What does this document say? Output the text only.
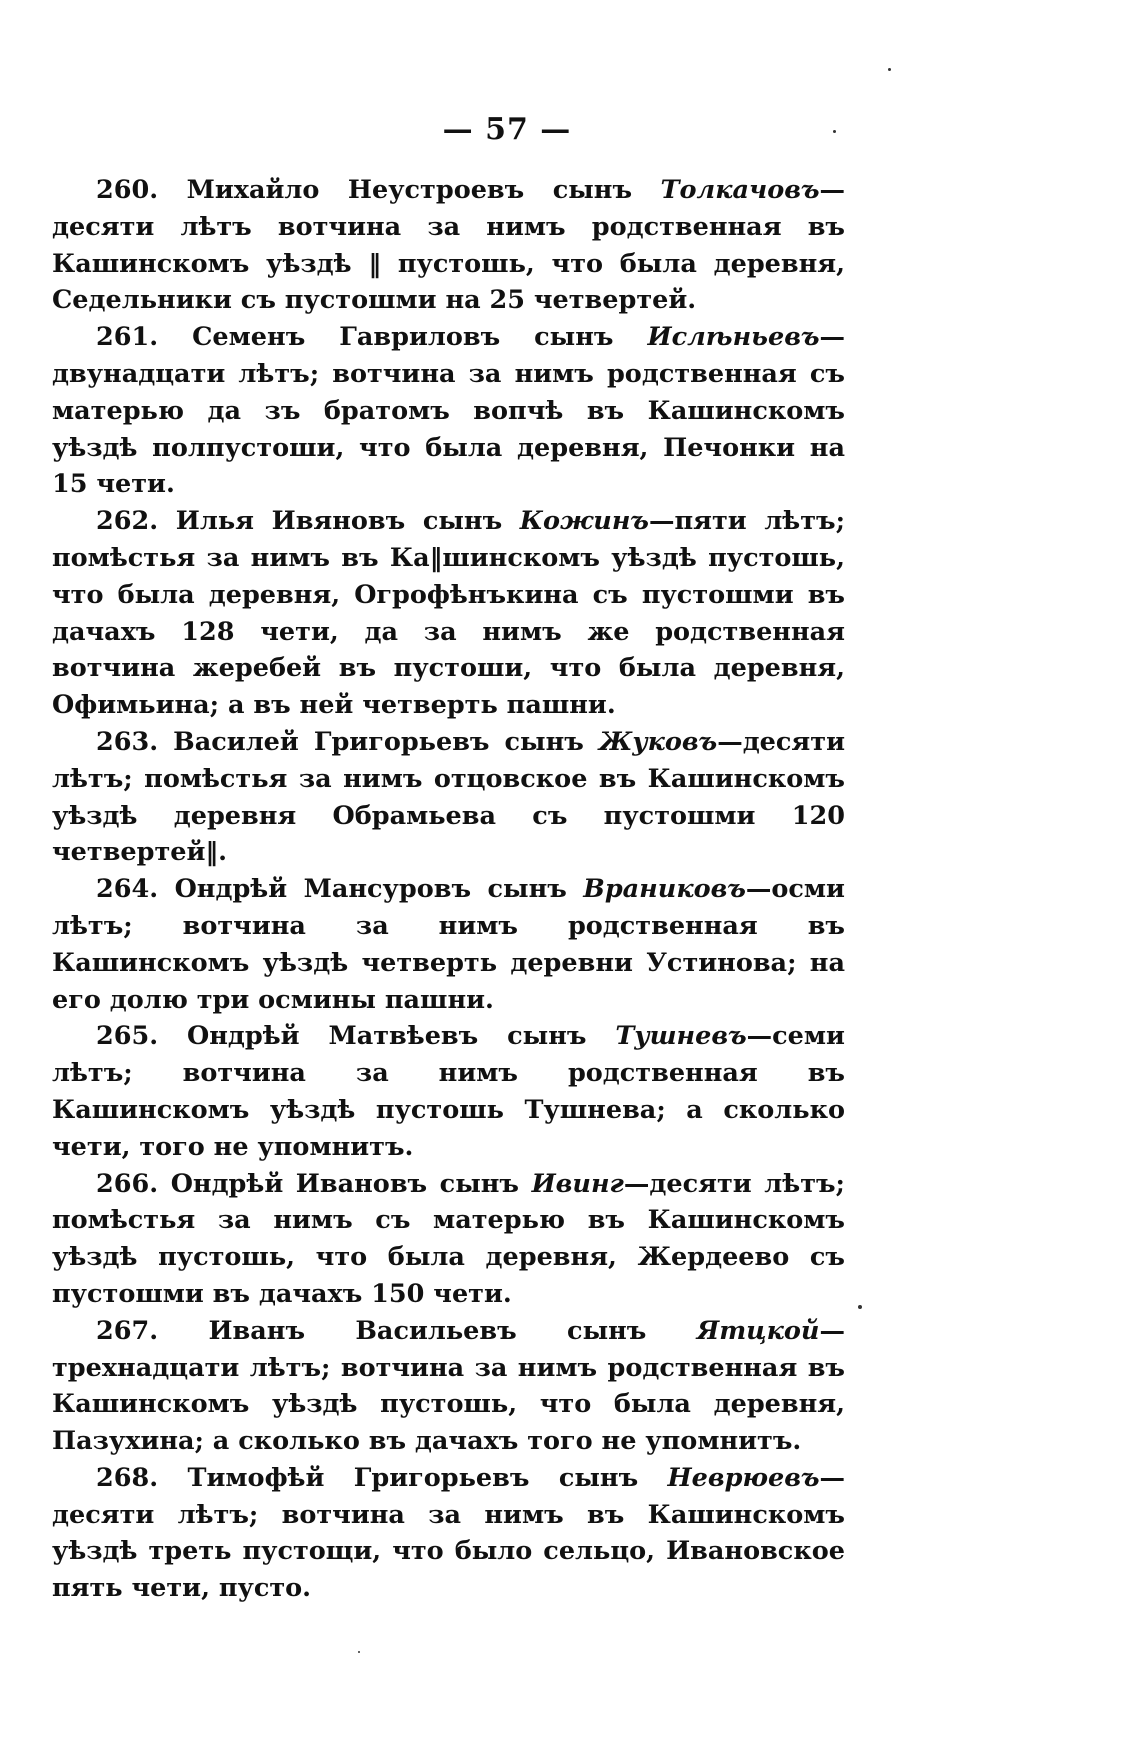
— 57 —

260. Михайло Неустроевъ сынъ Толкачовъ—десяти лѣтъ вотчина за нимъ родственная въ Кашинскомъ уѣздѣ ‖ пустошь, что была деревня, Седельники съ пустошми на 25 четвертей.

261. Семенъ Гавриловъ сынъ Ислѣньевъ—двунадцати лѣтъ; вотчина за нимъ родственная съ матерью да зъ братомъ вопчѣ въ Кашинскомъ уѣздѣ полпустоши, что была деревня, Печонки на 15 чети.

262. Илья Ивяновъ сынъ Кожинъ—пяти лѣтъ; помѣстья за нимъ въ Ка‖шинскомъ уѣздѣ пустошь, что была деревня, Огрофѣнъкина съ пустошми въ дачахъ 128 чети, да за нимъ же родственная вотчина жеребей въ пустоши, что была деревня, Офимьина; а въ ней четверть пашни.

263. Василей Григорьевъ сынъ Жуковъ—десяти лѣтъ; помѣстья за нимъ отцовское въ Кашинскомъ уѣздѣ деревня Обрамьева съ пустошми 120 четвертей‖.

264. Ондрѣй Мансуровъ сынъ Враниковъ—осми лѣтъ; вотчина за нимъ родственная въ Кашинскомъ уѣздѣ четверть деревни Устинова; на его долю три осмины пашни.

265. Ондрѣй Матвѣевъ сынъ Тушневъ—семи лѣтъ; вотчина за нимъ родственная въ Кашинскомъ уѣздѣ пустошь Тушнева; а сколько чети, того не упомнитъ.

266. Ондрѣй Ивановъ сынъ Ивинг—десяти лѣтъ; помѣстья за нимъ съ матерью въ Кашинскомъ уѣздѣ пустошь, что была деревня, Жердеево съ пустошми въ дачахъ 150 чети.

267. Иванъ Васильевъ сынъ Ятцкой—трехнадцати лѣтъ; вотчина за нимъ родственная въ Кашинскомъ уѣздѣ пустошь, что была деревня, Пазухина; а сколько въ дачахъ того не упомнитъ.

268. Тимофѣй Григорьевъ сынъ Неврюевъ—десяти лѣтъ; вотчина за нимъ въ Кашинскомъ уѣздѣ треть пустощи, что было сельцо, Ивановское пять чети, пусто.
